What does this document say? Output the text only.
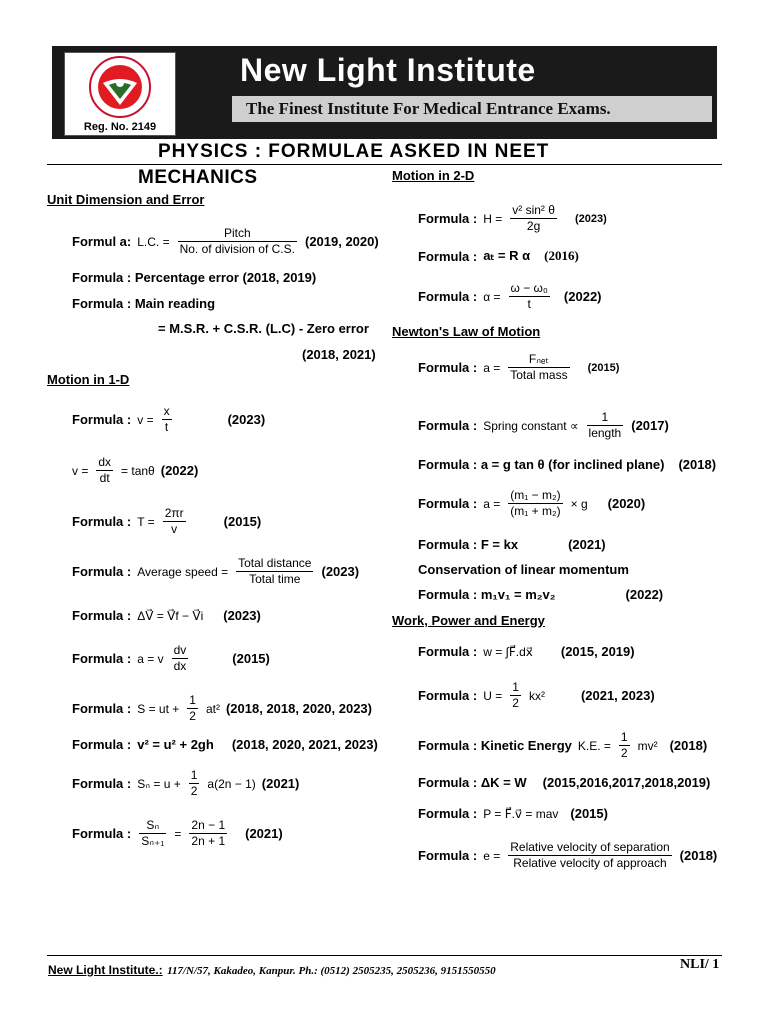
Reg. No. 2149
New Light Institute
The Finest Institute For Medical Entrance Exams.
PHYSICS : FORMULAE ASKED IN NEET
MECHANICS
Unit Dimension and Error
Formul a: L.C. = $\frac{\text{Pitch}}{\text{No. of division of C.S.}} (2019$, 2020)
Formula : Percentage error (2018, 2019)
Formula : Main reading
= M.S.R. + C.S.R. (L.C) - Zero error
(2018, 2021)
Motion in 1-D
Formula : $v = \frac{x}{t}$	(2023)
$v = \frac{dx}{dt} = \tan\theta$ (2022)
Formula : $T = \frac{2\pi r}{v}$	(2015)
Formula : Average speed = $\frac{\text{Total distance}}{\text{Total time}} (2023)$
Formula : ΔV⃗ = V⃗f − V⃗i (2023)
Formula : a = v $\frac{dv}{dx}$	(2015)
Formula : S = ut + $\frac{1}{2} at^2$ (2018, 2018, 2020, 2023)
Formula : v² = u² + 2gh (2018, 2020, 2021, 2023)
Formula : $S_n = u + \frac{1}{2} a(2n - 1)$ (2021)
Formula : $\frac{\text{Sₙ}}{\text{Sₙ₊₁}} = \frac{2n - 1}{2n + 1} (2021)$
Motion in 2-D
Formula : $H = \frac{\text{v² sin² θ}}{2g} (2023)$
Formula : aₜ = R α (2016)
Formula : $\alpha = \frac{\text{ω − ω₀}}{t} (2022)$
Newton's Law of Motion
Formula : $a = \frac{\text{Fₙₑₜ}}{\text{Total mass}} (2015)$
Formula : Spring constant ∝ $\frac{1}{\text{length}} (2017)$
Formula : a = g tan θ (for inclined plane) (2018)
Formula : $a = \frac{\text{(m₁ − m₂)}}{\text{(m₁ + m₂)}} \times g$ (2020)
Formula : F = kx	(2021)
Conservation of linear momentum
Formula : m₁v₁ = m₂v₂	(2022)
Work, Power and Energy
Formula : w = ∫F⃗.dx⃗ (2015, 2019)
Formula : $U = \frac{1}{2} kx^2$	(2021, 2023)
Formula : Kinetic Energy K.E. = $\frac{1}{2} mv^2$ (2018)
Formula : ΔK = W (2015,2016,2017,2018,2019)
Formula : P = F⃗.v⃗ = mav (2015)
Formula : $e = \frac{\text{Relative velocity of separation}}{\text{Relative velocity of approach}} (2018)$
New Light Institute.: 117/N/57, Kakadeo, Kanpur. Ph.: (0512) 2505235, 2505236, 9151550550	NLI/ 1
